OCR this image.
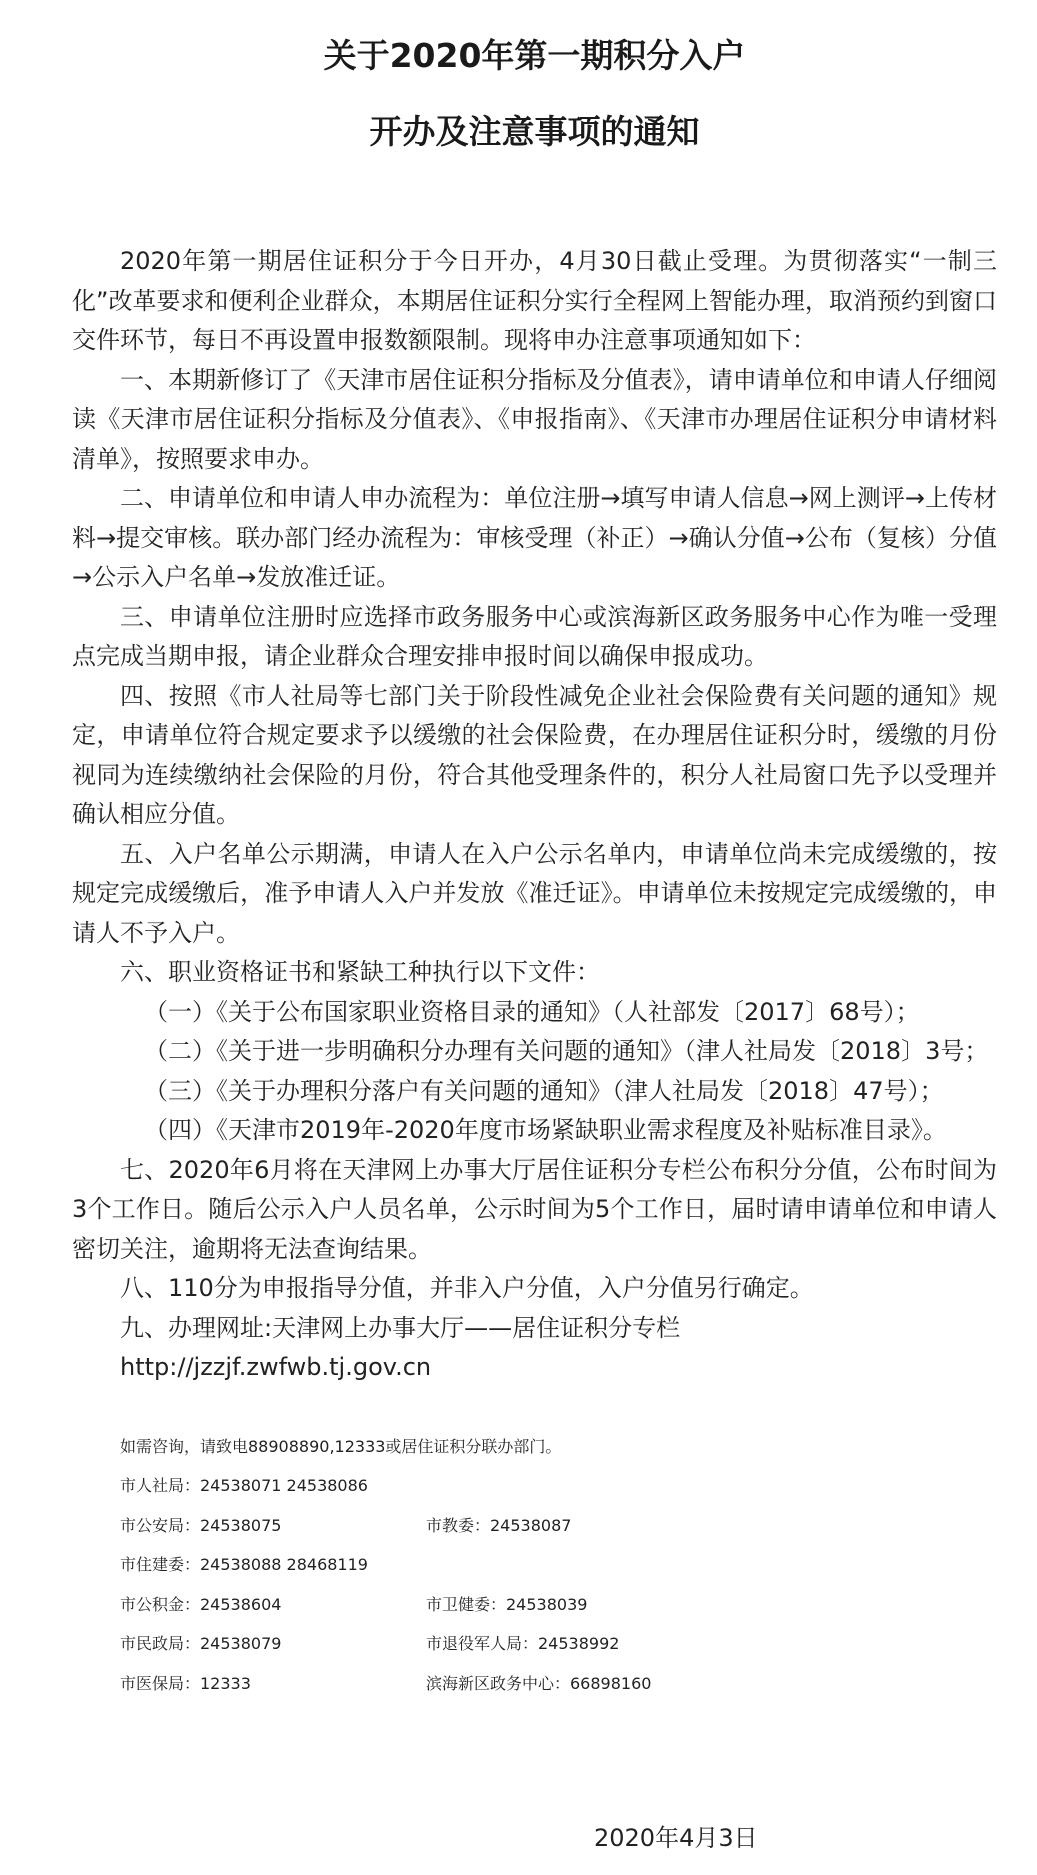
关于2020年第一期积分入户
开办及注意事项的通知

2020年第一期居住证积分于今日开办，4月30日截止受理。为贯彻落实“一制三化”改革要求和便利企业群众，本期居住证积分实行全程网上智能办理，取消预约到窗口交件环节，每日不再设置申报数额限制。现将申办注意事项通知如下：

一、本期新修订了《天津市居住证积分指标及分值表》，请申请单位和申请人仔细阅读《天津市居住证积分指标及分值表》、《申报指南》、《天津市办理居住证积分申请材料清单》，按照要求申办。

二、申请单位和申请人申办流程为：单位注册→填写申请人信息→网上测评→上传材料→提交审核。联办部门经办流程为：审核受理（补正）→确认分值→公布（复核）分值→公示入户名单→发放准迁证。

三、申请单位注册时应选择市政务服务中心或滨海新区政务服务中心作为唯一受理点完成当期申报，请企业群众合理安排申报时间以确保申报成功。

四、按照《市人社局等七部门关于阶段性减免企业社会保险费有关问题的通知》规定，申请单位符合规定要求予以缓缴的社会保险费，在办理居住证积分时，缓缴的月份视同为连续缴纳社会保险的月份，符合其他受理条件的，积分人社局窗口先予以受理并确认相应分值。

五、入户名单公示期满，申请人在入户公示名单内，申请单位尚未完成缓缴的，按规定完成缓缴后，准予申请人入户并发放《准迁证》。申请单位未按规定完成缓缴的，申请人不予入户。

六、职业资格证书和紧缺工种执行以下文件：

（一）《关于公布国家职业资格目录的通知》（人社部发〔2017〕68号）；

（二）《关于进一步明确积分办理有关问题的通知》（津人社局发〔2018〕3号；

（三）《关于办理积分落户有关问题的通知》（津人社局发〔2018〕47号）；

（四）《天津市2019年-2020年度市场紧缺职业需求程度及补贴标准目录》。

七、2020年6月将在天津网上办事大厅居住证积分专栏公布积分分值，公布时间为3个工作日。随后公示入户人员名单，公示时间为5个工作日，届时请申请单位和申请人密切关注，逾期将无法查询结果。

八、110分为申报指导分值，并非入户分值，入户分值另行确定。

九、办理网址:天津网上办事大厅——居住证积分专栏

http://jzzjf.zwfwb.tj.gov.cn

如需咨询，请致电88908890,12333或居住证积分联办部门。
市人社局：24538071 24538086
市公安局：24538075	市教委：24538087
市住建委：24538088 28468119
市公积金：24538604	市卫健委：24538039
市民政局：24538079	市退役军人局：24538992
市医保局：12333	滨海新区政务中心：66898160
2020年4月3日
